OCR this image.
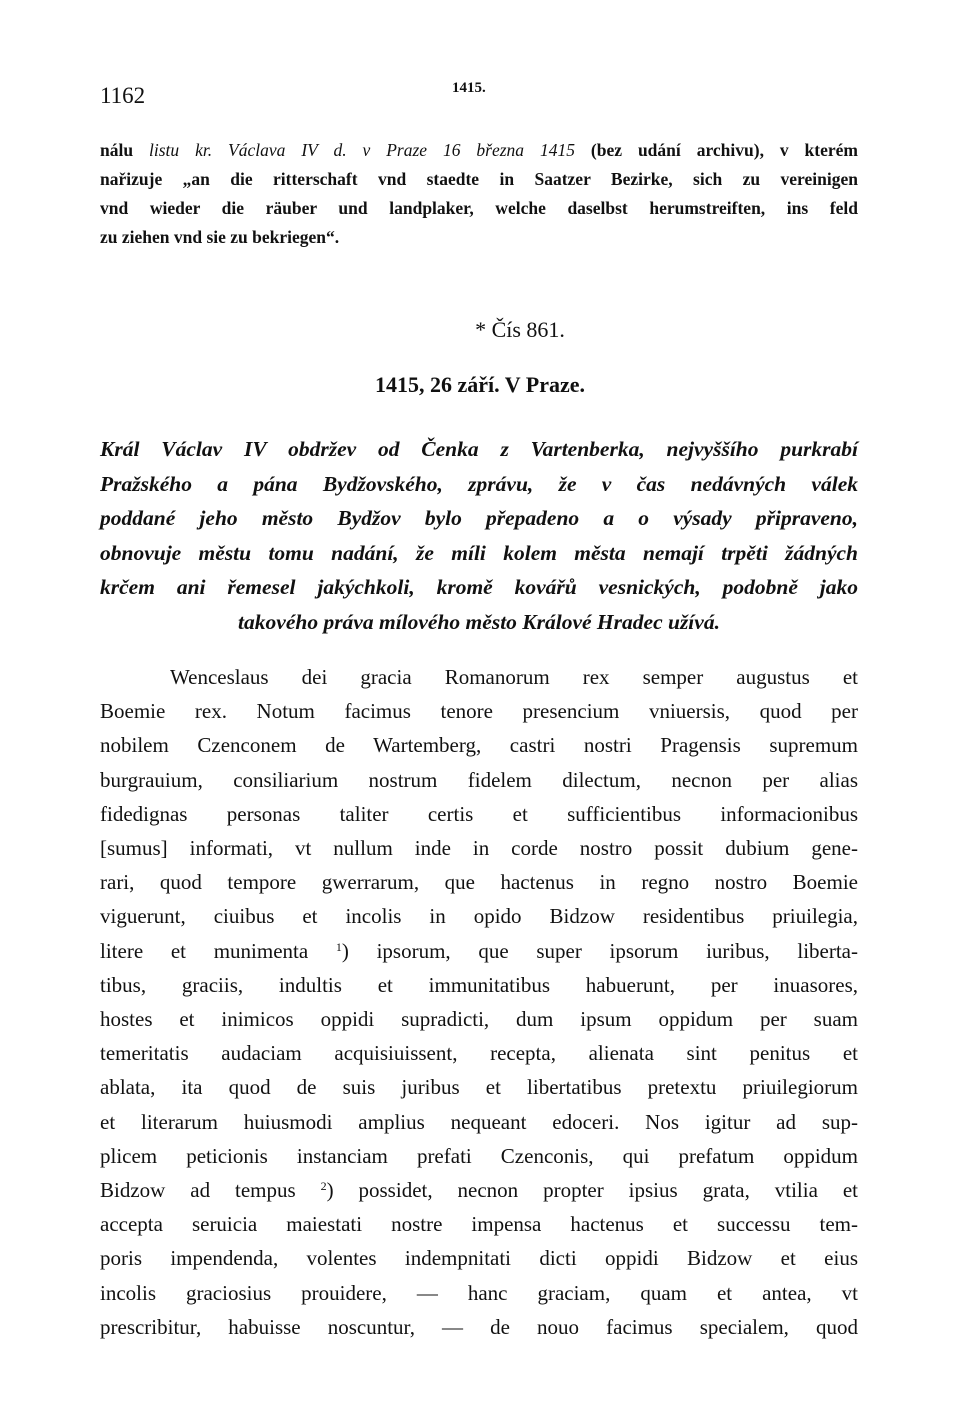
1162	1415.
nálu listu kr. Václava IV d. v Praze 16 března 1415 (bez udání archivu), v kterém
nařizuje „an die ritterschaft vnd staedte in Saatzer Bezirke, sich zu vereinigen
vnd wieder die räuber und landplaker, welche daselbst herumstreiften, ins feld
zu ziehen vnd sie zu bekriegen“.
* Čís 861.
1415, 26 září. V Praze.
Král Václav IV obdržev od Čenka z Vartenberka, nejvyššího purkrabí
Pražského a pána Bydžovského, zprávu, že v čas nedávných válek
poddané jeho město Bydžov bylo přepadeno a o výsady připraveno,
obnovuje městu tomu nadání, že míli kolem města nemají trpěti žádných
krčem ani řemesel jakýchkoli, kromě kovářů vesnických, podobně jako
takového práva mílového město Králové Hradec užívá.
Wenceslaus dei gracia Romanorum rex semper augustus et
Boemie rex. Notum facimus tenore presencium vniuersis, quod per
nobilem Czenconem de Wartemberg, castri nostri Pragensis supremum
burgrauium, consiliarium nostrum fidelem dilectum, necnon per alias
fidedignas personas taliter certis et sufficientibus informacionibus
[sumus] informati, vt nullum inde in corde nostro possit dubium gene-
rari, quod tempore gwerrarum, que hactenus in regno nostro Boemie
viguerunt, ciuibus et incolis in opido Bidzow residentibus priuilegia,
litere et munimenta $^1$) ipsorum, que super ipsorum iuribus, liberta-
tibus, graciis, indultis et immunitatibus habuerunt, per inuasores,
hostes et inimicos oppidi supradicti, dum ipsum oppidum per suam
temeritatis audaciam acquisiuissent, recepta, alienata sint penitus et
ablata, ita quod de suis juribus et libertatibus pretextu priuilegiorum
et literarum huiusmodi amplius nequeant edoceri. Nos igitur ad sup-
plicem peticionis instanciam prefati Czenconis, qui prefatum oppidum
Bidzow ad tempus $^2$) possidet, necnon propter ipsius grata, vtilia et
accepta seruicia maiestati nostre impensa hactenus et successu tem-
poris impendenda, volentes indempnitati dicti oppidi Bidzow et eius
incolis graciosius prouidere, — hanc graciam, quam et antea, vt
prescribitur, habuisse noscuntur, — de nouo facimus specialem, quod
